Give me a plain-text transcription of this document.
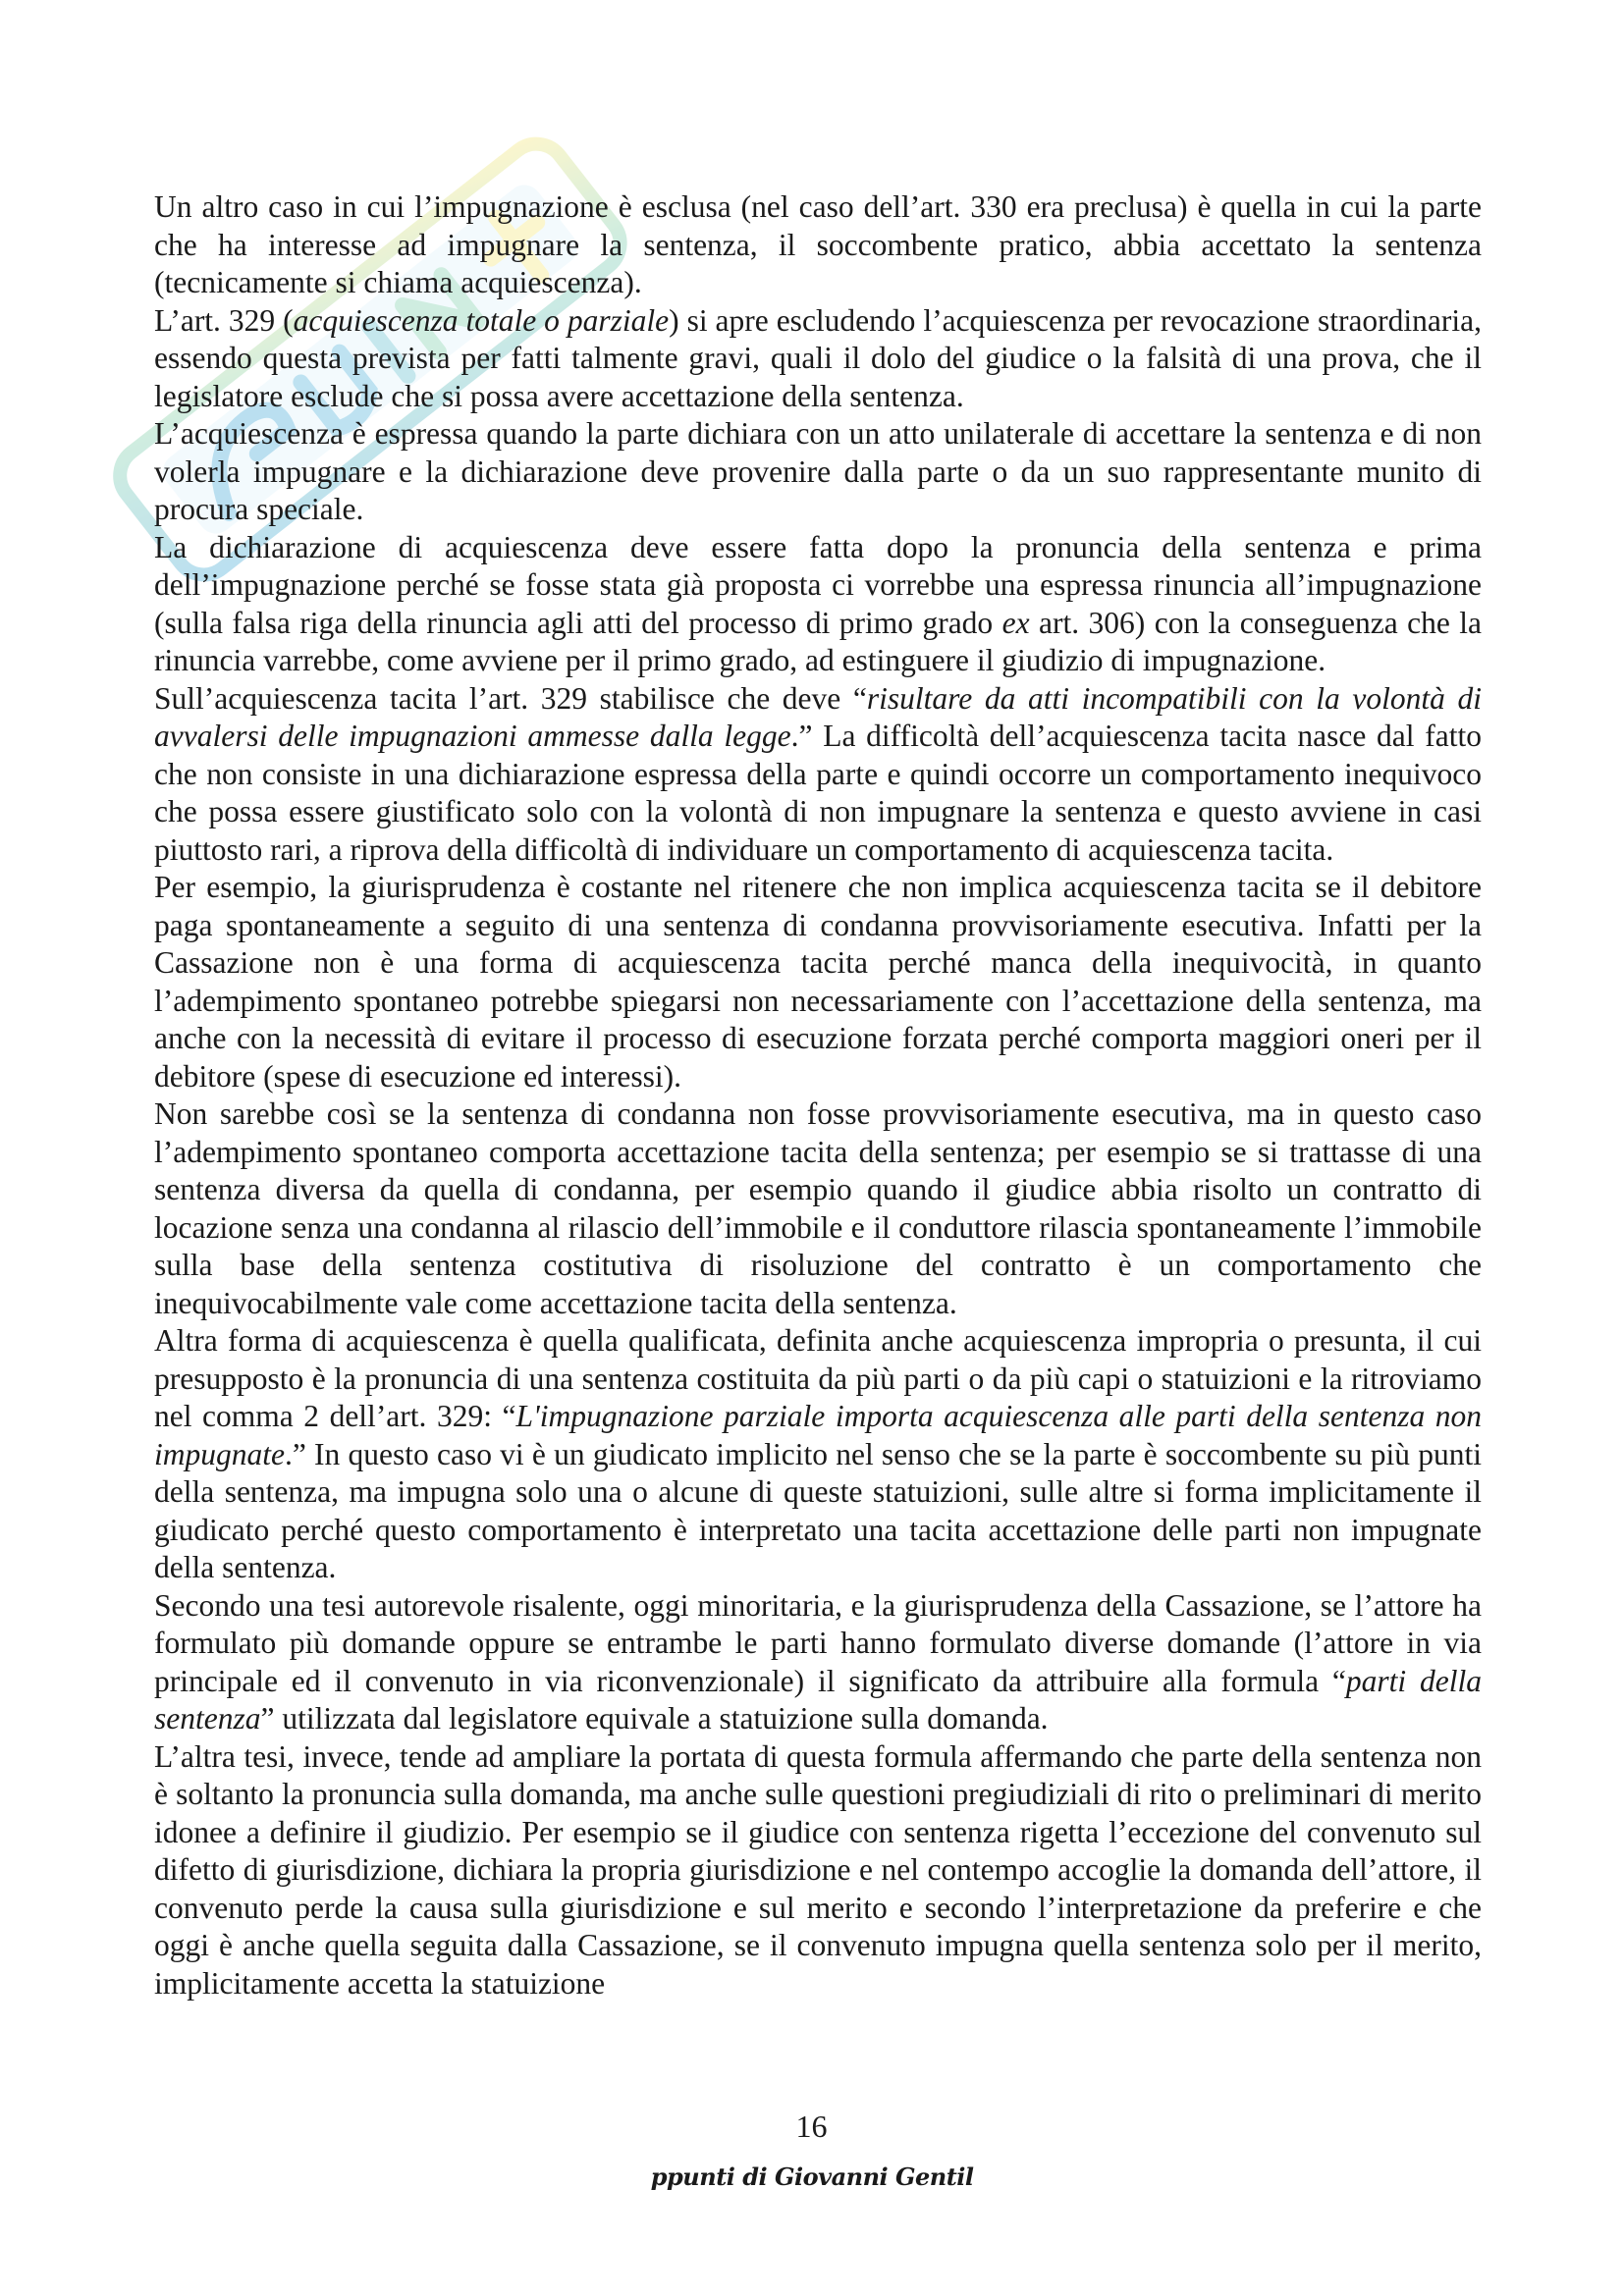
Un altro caso in cui l’impugnazione è esclusa (nel caso dell’art. 330 era preclusa) è quella in cui la parte che ha interesse ad impugnare la sentenza, il soccombente pratico, abbia accettato la sentenza (tecnicamente si chiama acquiescenza).

L’art. 329 (acquiescenza totale o parziale) si apre escludendo l’acquiescenza per revocazione straordinaria, essendo questa prevista per fatti talmente gravi, quali il dolo del giudice o la falsità di una prova, che il legislatore esclude che si possa avere accettazione della sentenza.

L’acquiescenza è espressa quando la parte dichiara con un atto unilaterale di accettare la sentenza e di non volerla impugnare e la dichiarazione deve provenire dalla parte o da un suo rappresentante munito di procura speciale.

La dichiarazione di acquiescenza deve essere fatta dopo la pronuncia della sentenza e prima dell’impugnazione perché se fosse stata già proposta ci vorrebbe una espressa rinuncia all’impugnazione (sulla falsa riga della rinuncia agli atti del processo di primo grado ex art. 306) con la conseguenza che la rinuncia varrebbe, come avviene per il primo grado, ad estinguere il giudizio di impugnazione.

Sull’acquiescenza tacita l’art. 329 stabilisce che deve “risultare da atti incompatibili con la volontà di avvalersi delle impugnazioni ammesse dalla legge.” La difficoltà dell’acquiescenza tacita nasce dal fatto che non consiste in una dichiarazione espressa della parte e quindi occorre un comportamento inequivoco che possa essere giustificato solo con la volontà di non impugnare la sentenza e questo avviene in casi piuttosto rari, a riprova della difficoltà di individuare un comportamento di acquiescenza tacita.

Per esempio, la giurisprudenza è costante nel ritenere che non implica acquiescenza tacita se il debitore paga spontaneamente a seguito di una sentenza di condanna provvisoriamente esecutiva. Infatti per la Cassazione non è una forma di acquiescenza tacita perché manca della inequivocità, in quanto l’adempimento spontaneo potrebbe spiegarsi non necessariamente con l’accettazione della sentenza, ma anche con la necessità di evitare il processo di esecuzione forzata perché comporta maggiori oneri per il debitore (spese di esecuzione ed interessi).

Non sarebbe così se la sentenza di condanna non fosse provvisoriamente esecutiva, ma in questo caso l’adempimento spontaneo comporta accettazione tacita della sentenza; per esempio se si trattasse di una sentenza diversa da quella di condanna, per esempio quando il giudice abbia risolto un contratto di locazione senza una condanna al rilascio dell’immobile e il conduttore rilascia spontaneamente l’immobile sulla base della sentenza costitutiva di risoluzione del contratto è un comportamento che inequivocabilmente vale come accettazione tacita della sentenza.

Altra forma di acquiescenza è quella qualificata, definita anche acquiescenza impropria o presunta, il cui presupposto è la pronuncia di una sentenza costituita da più parti o da più capi o statuizioni e la ritroviamo nel comma 2 dell’art. 329: “L'impugnazione parziale importa acquiescenza alle parti della sentenza non impugnate.” In questo caso vi è un giudicato implicito nel senso che se la parte è soccombente su più punti della sentenza, ma impugna solo una o alcune di queste statuizioni, sulle altre si forma implicitamente il giudicato perché questo comportamento è interpretato una tacita accettazione delle parti non impugnate della sentenza.

Secondo una tesi autorevole risalente, oggi minoritaria, e la giurisprudenza della Cassazione, se l’attore ha formulato più domande oppure se entrambe le parti hanno formulato diverse domande (l’attore in via principale ed il convenuto in via riconvenzionale) il significato da attribuire alla formula “parti della sentenza” utilizzata dal legislatore equivale a statuizione sulla domanda.

L’altra tesi, invece, tende ad ampliare la portata di questa formula affermando che parte della sentenza non è soltanto la pronuncia sulla domanda, ma anche sulle questioni pregiudiziali di rito o preliminari di merito idonee a definire il giudizio. Per esempio se il giudice con sentenza rigetta l’eccezione del convenuto sul difetto di giurisdizione, dichiara la propria giurisdizione e nel contempo accoglie la domanda dell’attore, il convenuto perde la causa sulla giurisdizione e sul merito e secondo l’interpretazione da preferire e che oggi è anche quella seguita dalla Cassazione, se il convenuto impugna quella sentenza solo per il merito, implicitamente accetta la statuizione

16
appunti di Giovanni Gentile
